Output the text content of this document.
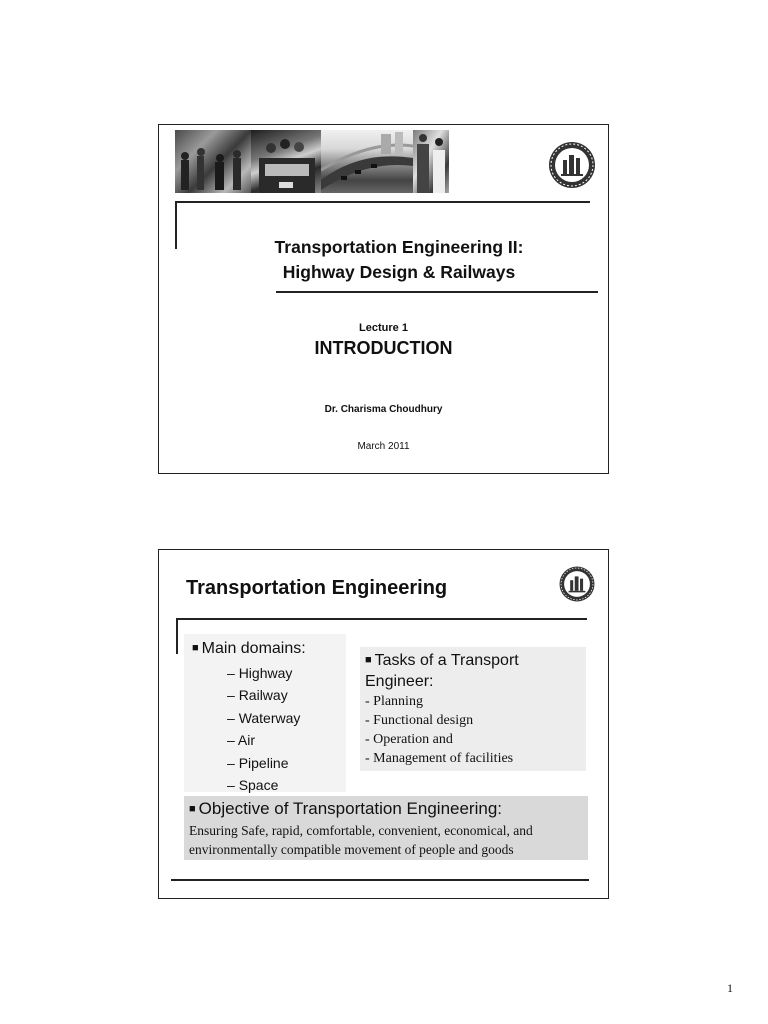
Transportation Engineering II:
Highway Design & Railways
Lecture 1
INTRODUCTION
Dr. Charisma Choudhury
March 2011
Transportation Engineering
■ Main domains:
– Highway
– Railway
– Waterway
– Air
– Pipeline
– Space
■ Tasks of a Transport Engineer:
- Planning
- Functional design
- Operation and
- Management of facilities
■ Objective of Transportation Engineering:
Ensuring Safe, rapid, comfortable, convenient, economical, and environmentally compatible movement of people and goods
1
